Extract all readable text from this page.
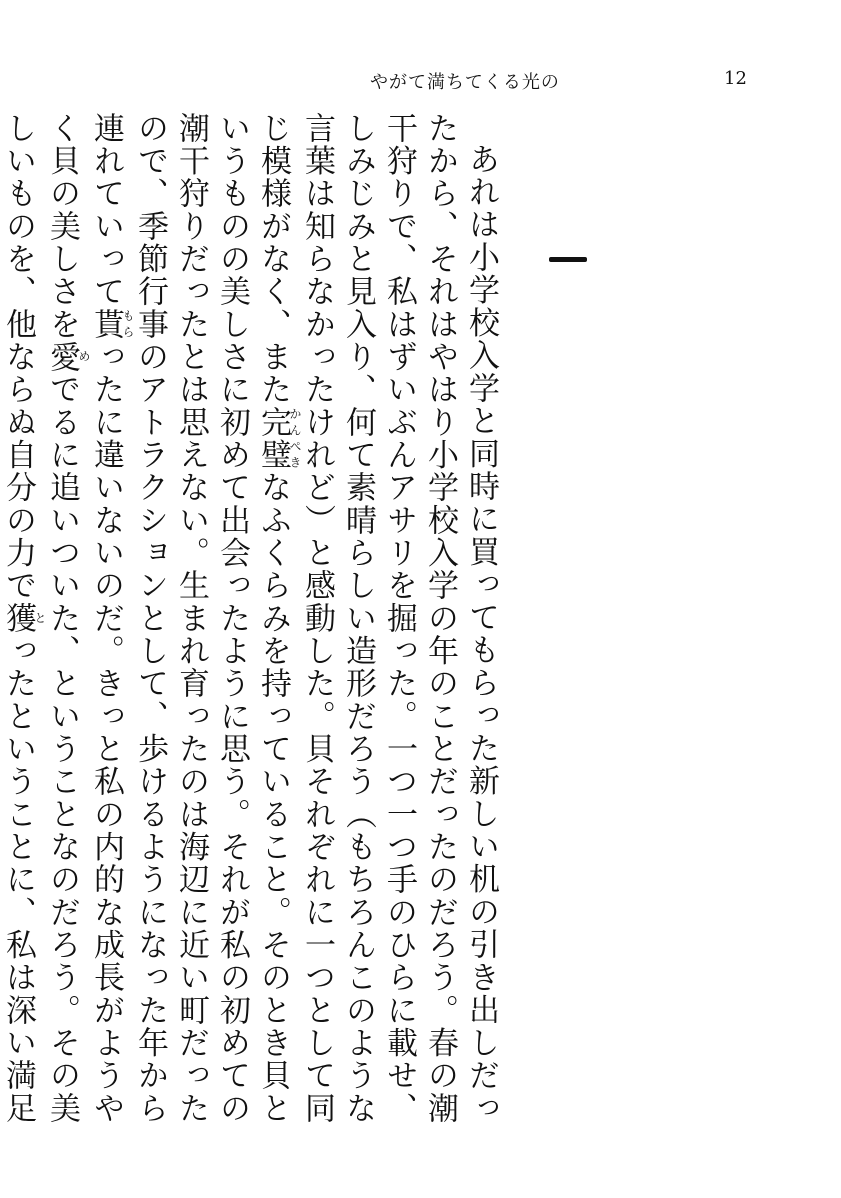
やがて満ちてくる光の	12

あれは小学校入学と同時に買ってもらった新しい机の引き出しだったから、それはやはり小学校入学の年のことだったのだろう。春の潮干狩りで、私はずいぶんアサリを掘った。一つ一つ手のひらに載せ、しみじみと見入り、何て素晴らしい造形だろう（もちろんこのような言葉は知らなかったけれど）と感動した。貝それぞれに一つとして同じ模様がなく、また完璧かんぺきなふくらみを持っていること。そのとき貝というものの美しさに初めて出会ったように思う。それが私の初めての潮干狩りだったとは思えない。生まれ育ったのは海辺に近い町だったので、季節行事のアトラクションとして、歩けるようになった年から連れていって貰もらったに違いないのだ。きっと私の内的な成長がようやく貝の美しさを愛めでるに追いついた、ということなのだろう。その美しいものを、他ならぬ自分の力で獲とったということに、私は深い満足
